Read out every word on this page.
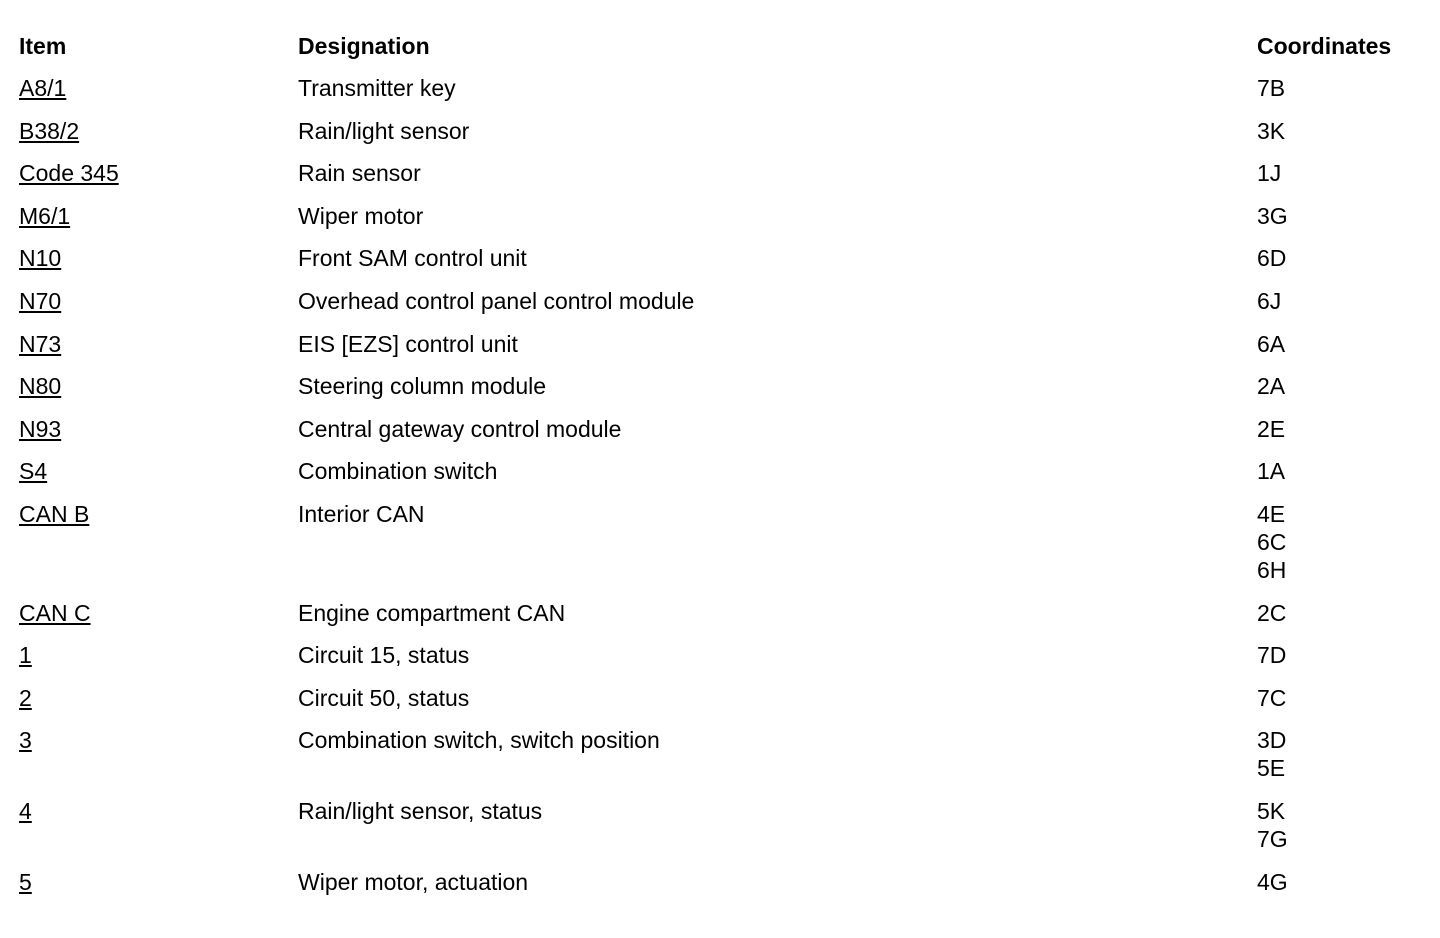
Item	Designation	Coordinates
A8/1	Transmitter key	7B
B38/2	Rain/light sensor	3K
Code 345	Rain sensor	1J
M6/1	Wiper motor	3G
N10	Front SAM control unit	6D
N70	Overhead control panel control module	6J
N73	EIS [EZS] control unit	6A
N80	Steering column module	2A
N93	Central gateway control module	2E
S4	Combination switch	1A
CAN B	Interior CAN	4E
6C
6H
CAN C	Engine compartment CAN	2C
1	Circuit 15, status	7D
2	Circuit 50, status	7C
3	Combination switch, switch position	3D
5E
4	Rain/light sensor, status	5K
7G
5	Wiper motor, actuation	4G
